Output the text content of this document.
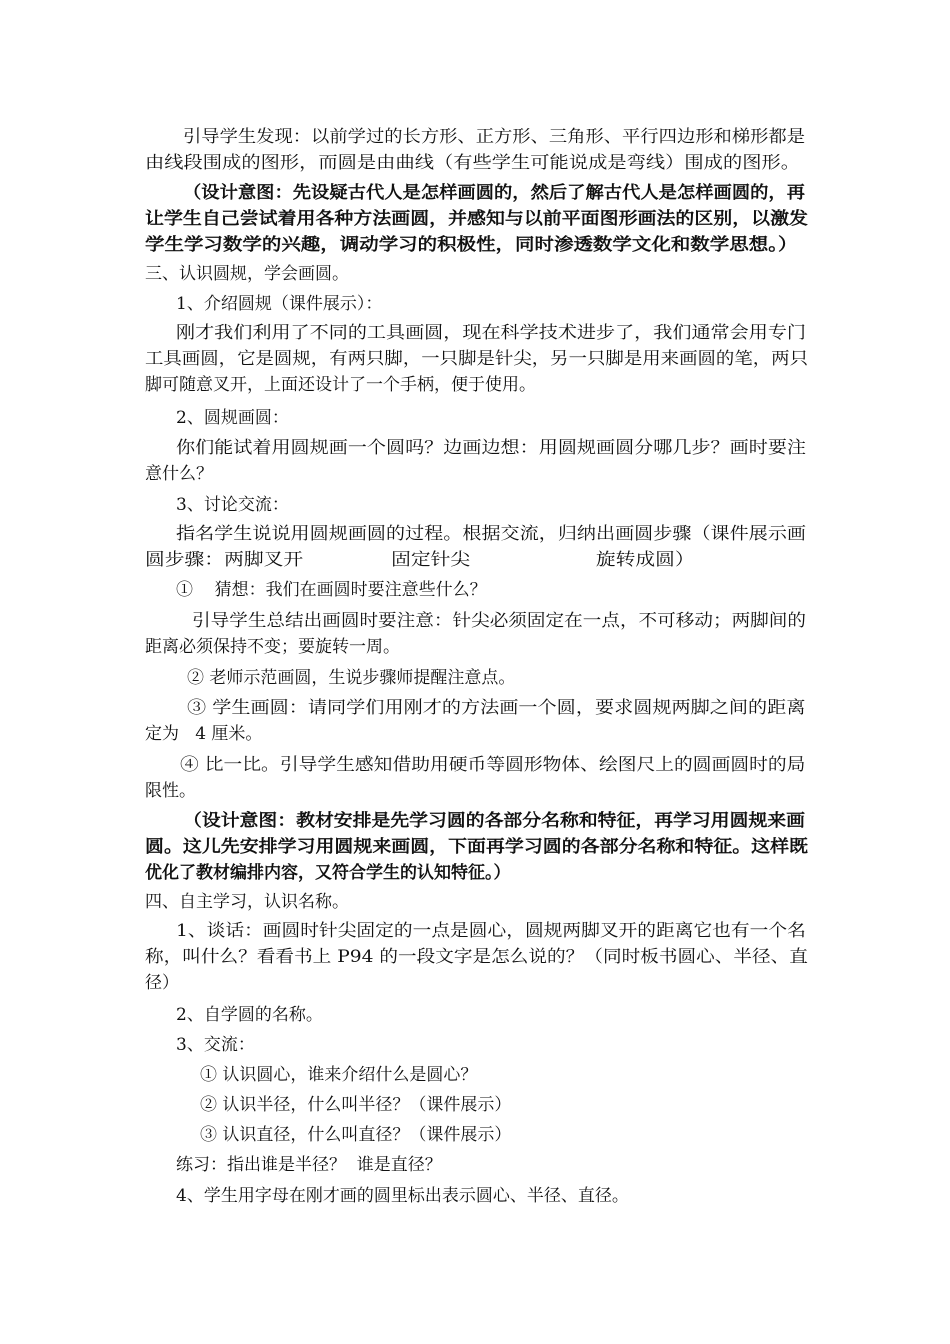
引导学生发现：以前学过的长方形、正方形、三角形、平行四边形和梯形都是
由线段围成的图形，而圆是由曲线（有些学生可能说成是弯线）围成的图形。
（设计意图：先设疑古代人是怎样画圆的，然后了解古代人是怎样画圆的，再
让学生自己尝试着用各种方法画圆，并感知与以前平面图形画法的区别，以激发
学生学习数学的兴趣，调动学习的积极性，同时渗透数学文化和数学思想。）
三、认识圆规，学会画圆。
1、介绍圆规（课件展示）：
刚才我们利用了不同的工具画圆，现在科学技术进步了，我们通常会用专门
工具画圆，它是圆规，有两只脚，一只脚是针尖，另一只脚是用来画圆的笔，两只
脚可随意叉开，上面还设计了一个手柄，便于使用。
2、圆规画圆：
你们能试着用圆规画一个圆吗？边画边想：用圆规画圆分哪几步？画时要注
意什么？
3、讨论交流：
指名学生说说用圆规画圆的过程。根据交流，归纳出画圆步骤（课件展示画
圆步骤：两脚叉开              固定针尖                    旋转成圆）
①    猜想：我们在画圆时要注意些什么？
引导学生总结出画圆时要注意：针尖必须固定在一点，不可移动；两脚间的
距离必须保持不变；要旋转一周。
② 老师示范画圆，生说步骤师提醒注意点。
③ 学生画圆：请同学们用刚才的方法画一个圆，要求圆规两脚之间的距离
定为   4 厘米。
④ 比一比。引导学生感知借助用硬币等圆形物体、绘图尺上的圆画圆时的局
限性。
（设计意图：教材安排是先学习圆的各部分名称和特征，再学习用圆规来画
圆。这儿先安排学习用圆规来画圆，下面再学习圆的各部分名称和特征。这样既
优化了教材编排内容，又符合学生的认知特征。）
四、自主学习，认识名称。
1、谈话：画圆时针尖固定的一点是圆心，圆规两脚叉开的距离它也有一个名
称，叫什么？看看书上 P94 的一段文字是怎么说的？（同时板书圆心、半径、直
径）
2、自学圆的名称。
3、交流：
① 认识圆心，谁来介绍什么是圆心？
② 认识半径，什么叫半径？（课件展示）
③ 认识直径，什么叫直径？（课件展示）
练习：指出谁是半径？  谁是直径？
4、学生用字母在刚才画的圆里标出表示圆心、半径、直径。
